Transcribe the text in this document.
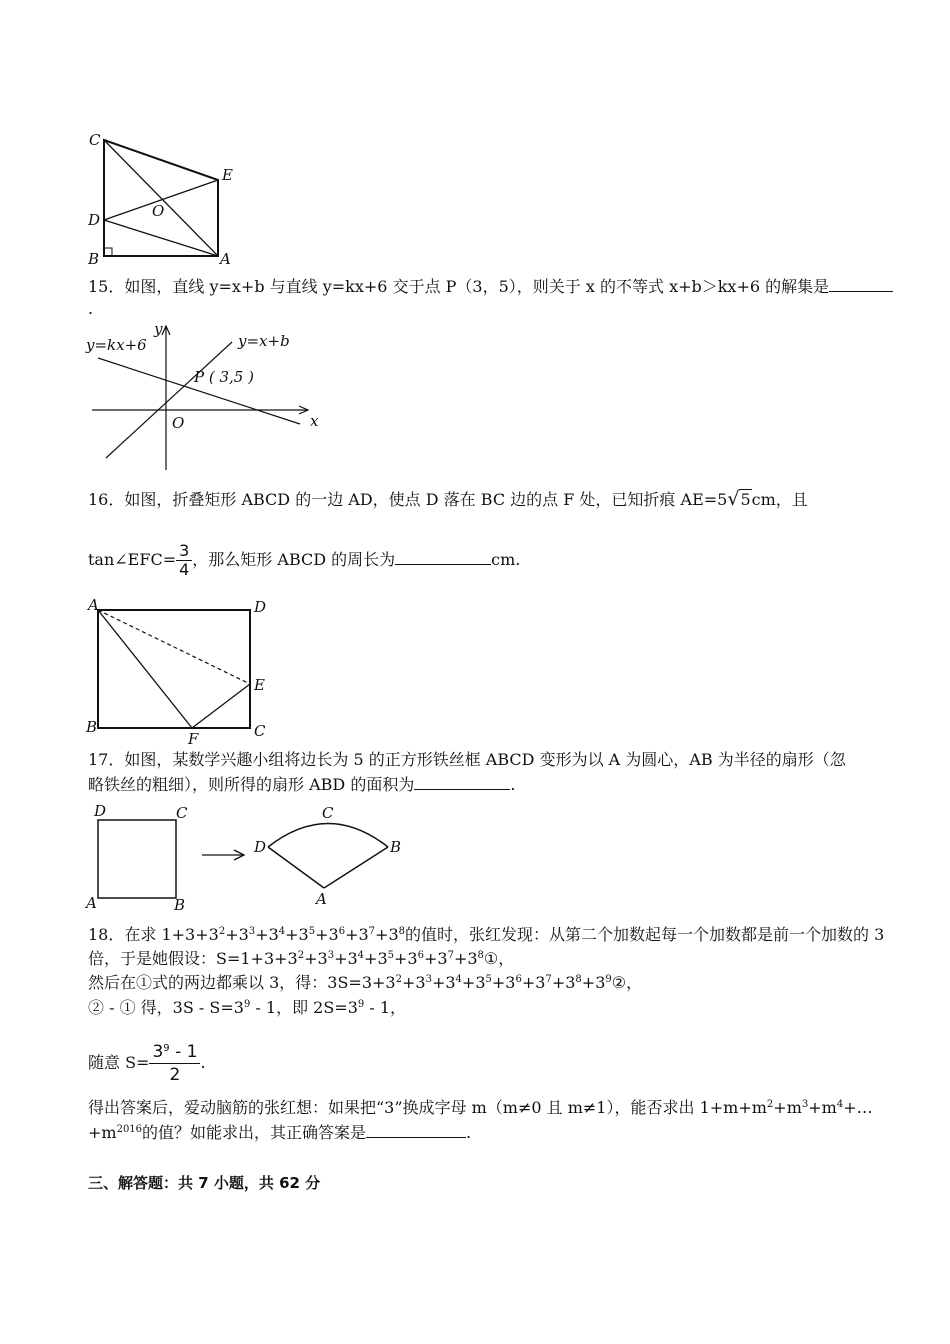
C
E
O
D
B	A
15．如图，直线 y=x+b 与直线 y=kx+6 交于点 P（3，5），则关于 x 的不等式 x+b＞kx+6 的解集是
.
y=kx+6	y=x+b
P ( 3,5 )
y
x
O
16．如图，折叠矩形 ABCD 的一边 AD，使点 D 落在 BC 边的点 F 处，已知折痕 AE=5√5cm，且
tan∠EFC= $\frac{3}{4}$ ，那么矩形 ABCD 的周长为	cm.
A	D
E
B
F	C
17．如图，某数学兴趣小组将边长为 5 的正方形铁丝框 ABCD 变形为以 A 为圆心，AB 为半径的扇形（忽
略铁丝的粗细），则所得的扇形 ABD 的面积为	.
D	C
A	B
D
C
B
A
18．在求 $1+3+3^2+3^3+3^4+3^5+3^6+3^7+3^8$的值时，张红发现：从第二个加数起每一个加数都是前一个加数的 3
倍，于是她假设：$S=1+3+3^2+3^3+3^4+3^5+3^6+3^7+3^8①$，
然后在①式的两边都乘以 3，得：$3S=3+3^2+3^3+3^4+3^5+3^6+3^7+3^8+3^9②$，
② - ① 得，$3S - S=3^9 - 1$，即 $2S=3^9 - 1$，
随意 $S= \frac{3^9 - 1}{2}$ .
得出答案后，爱动脑筋的张红想：如果把“3”换成字母 m（m≠0 且 m≠1），能否求出 $1+m+m^2+m^3+m^4+\dots$
$+m^{2016}$的值？如能求出，其正确答案是	.
三、解答题：共 7 小题，共 62 分
